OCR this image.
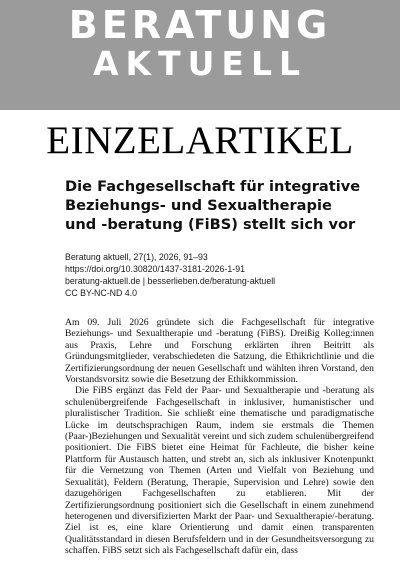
BERATUNG
AKTUELL
EINZELARTIKEL
Die Fachgesellschaft für integrative
Beziehungs- und Sexualtherapie
und -beratung (FiBS) stellt sich vor
Beratung aktuell, 27(1), 2026, 91–93
https://doi.org/10.30820/1437-3181-2026-1-91
beratung-aktuell.de | besserlieben.de/beratung-aktuell
CC BY-NC-ND 4.0

Am 09. Juli 2026 gründete sich die Fachgesellschaft für integrative Beziehungs- und Sexualtherapie und -beratung (FiBS). Dreißig Kolleg:innen aus Praxis, Lehre und Forschung erklärten ihren Beitritt als Gründungsmitglieder, verabschiedeten die Satzung, die Ethikrichtlinie und die Zertifizierungsordnung der neuen Gesellschaft und wählten ihren Vorstand, den Vorstandsvorsitz sowie die Besetzung der Ethikkommission.

Die FiBS ergänzt das Feld der Paar- und Sexualtherapie und -beratung als schulenübergreifende Fachgesellschaft in inklusiver, humanistischer und pluralistischer Tradition. Sie schließt eine thematische und paradigmatische Lücke im deutschsprachigen Raum, indem sie erstmals die Themen (Paar-)Beziehungen und Sexualität vereint und sich zudem schulenübergreifend positioniert. Die FiBS bietet eine Heimat für Fachleute, die bisher keine Plattform für Austausch hatten, und strebt an, sich als inklusiver Knotenpunkt für die Vernetzung von Themen (Arten und Vielfalt von Beziehung und Sexualität), Feldern (Beratung, Therapie, Supervision und Lehre) sowie den dazugehörigen Fachgesellschaften zu etablieren. Mit der Zertifizierungsordnung positioniert sich die Gesellschaft in einem zunehmend heterogenen und diversifizierten Markt der Paar- und Sexualtherapie/-beratung. Ziel ist es, eine klare Orientierung und damit einen transparenten Qualitätsstandard in diesen Berufsfeldern und in der Gesundheitsversorgung zu schaffen. FiBS setzt sich als Fachgesellschaft dafür ein, dass
